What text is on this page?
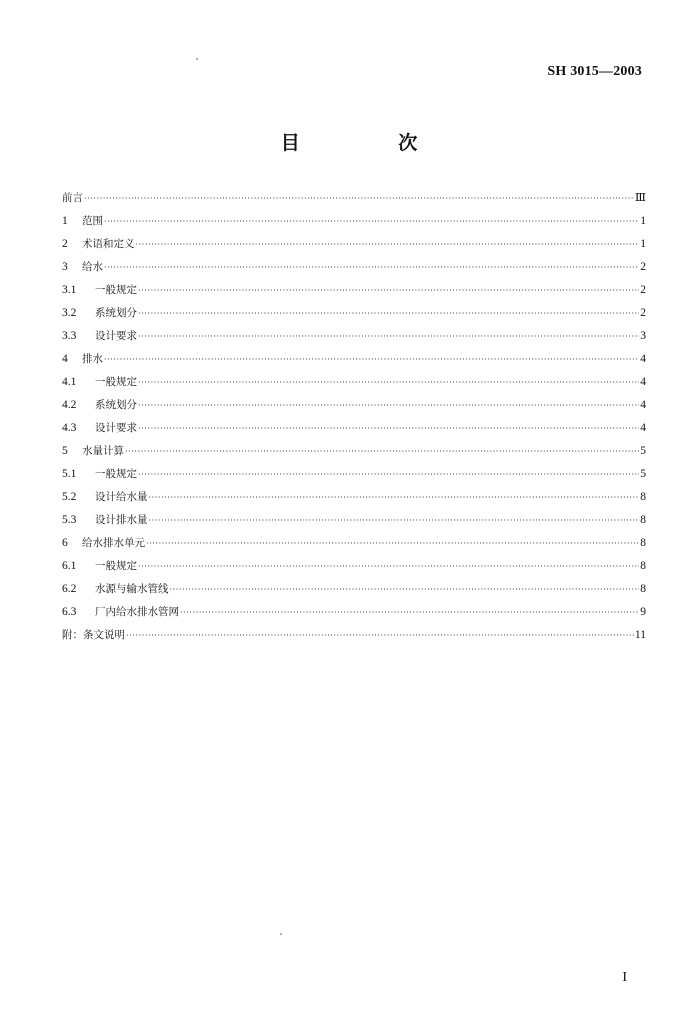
SH 3015—2003
目 次
前言 ·····	Ⅲ
1	范围 ·····	1
2	术语和定义 ·····	1
3	给水 ·····	2
3.1	一般规定 ·····	2
3.2	系统划分 ·····	2
3.3	设计要求 ·····	3
4	排水 ·····	4
4.1	一般规定 ·····	4
4.2	系统划分 ·····	4
4.3	设计要求 ·····	4
5	水量计算 ·····	5
5.1	一般规定 ·····	5
5.2	设计给水量 ·····	8
5.3	设计排水量 ·····	8
6	给水排水单元 ·····	8
6.1	一般规定 ·····	8
6.2	水源与输水管线 ·····	8
6.3	厂内给水排水管网 ·····	9
附：条文说明 ·····	11
I
